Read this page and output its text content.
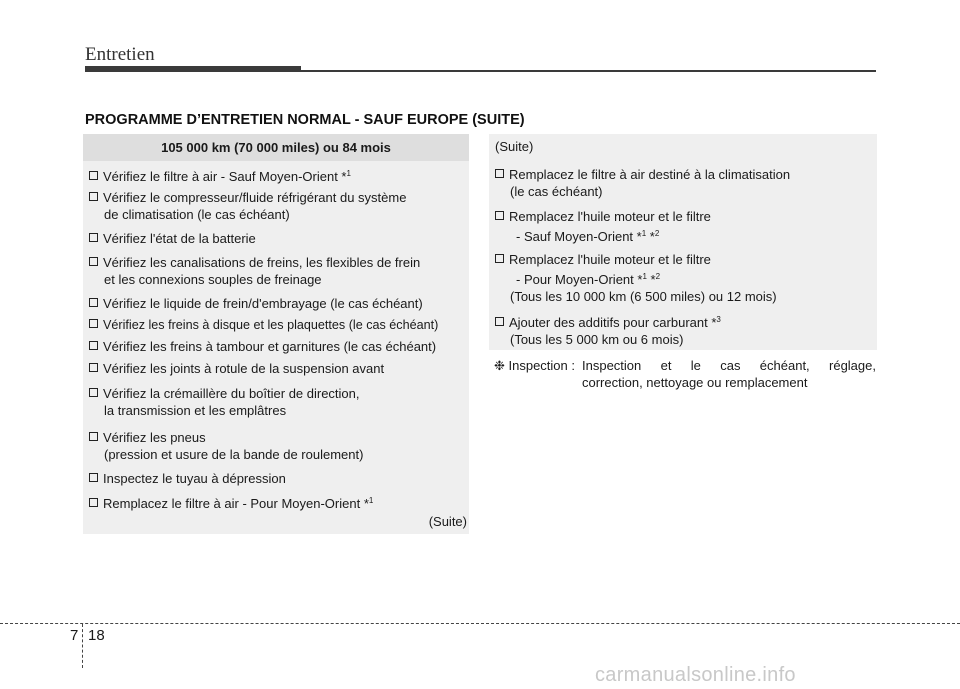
Entretien
PROGRAMME D’ENTRETIEN NORMAL - SAUF EUROPE (SUITE)
105 000 km (70 000 miles) ou 84 mois
Vérifiez le filtre à air - Sauf Moyen-Orient *$^1$
Vérifiez le compresseur/fluide réfrigérant du système
de climatisation (le cas échéant)
Vérifiez l'état de la batterie
Vérifiez les canalisations de freins, les flexibles de frein
et les connexions souples de freinage
Vérifiez le liquide de frein/d'embrayage (le cas échéant)
Vérifiez les freins à disque et les plaquettes (le cas échéant)
Vérifiez les freins à tambour et garnitures (le cas échéant)
Vérifiez les joints à rotule de la suspension avant
Vérifiez la crémaillère du boîtier de direction,
la transmission et les emplâtres
Vérifiez les pneus
(pression et usure de la bande de roulement)
Inspectez le tuyau à dépression
Remplacez le filtre à air - Pour Moyen-Orient *$^1$
(Suite)
(Suite)
Remplacez le filtre à air destiné à la climatisation
(le cas échéant)
Remplacez l'huile moteur et le filtre
- Sauf Moyen-Orient *$^1$ *$^2$
Remplacez l'huile moteur et le filtre
- Pour Moyen-Orient *$^1$ *$^2$
(Tous les 10 000 km (6 500 miles) ou 12 mois)
Ajouter des additifs pour carburant *$^3$
(Tous les 5 000 km ou 6 mois)
❉ Inspection : Inspection et le cas échéant, réglage,
correction, nettoyage ou remplacement
7 18
carmanualsonline.info
